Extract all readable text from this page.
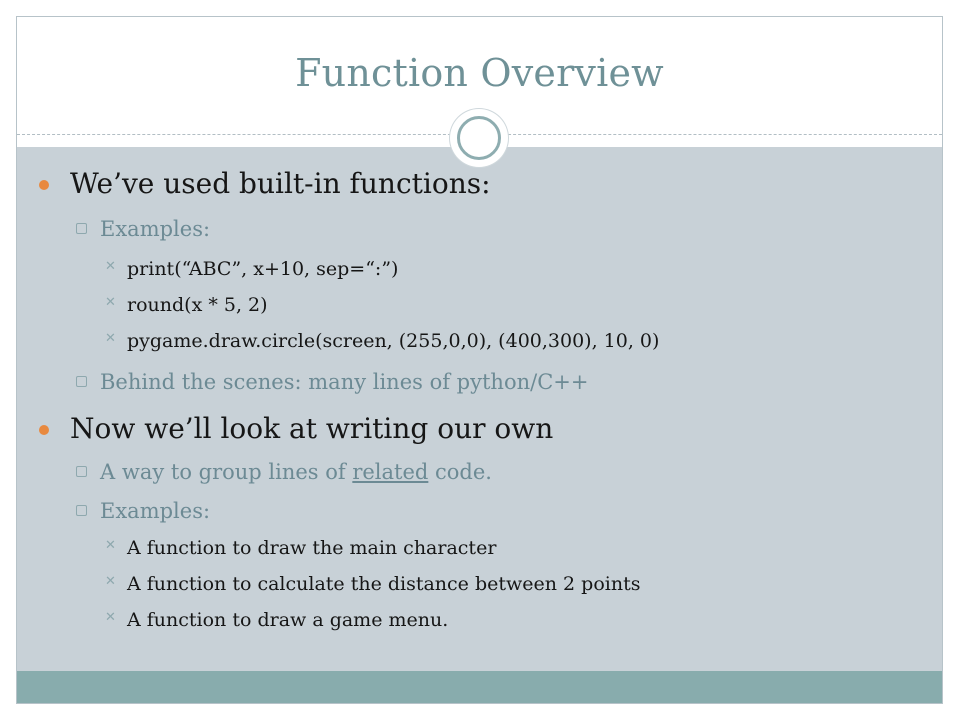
Function Overview
We’ve used built-in functions:
Examples:
✕ print(“ABC”, x+10, sep=“:”)
✕ round(x * 5, 2)
✕ pygame.draw.circle(screen, (255,0,0), (400,300), 10, 0)
Behind the scenes: many lines of python/C++
Now we’ll look at writing our own
A way to group lines of related code.
Examples:
✕ A function to draw the main character
✕ A function to calculate the distance between 2 points
✕ A function to draw a game menu.
